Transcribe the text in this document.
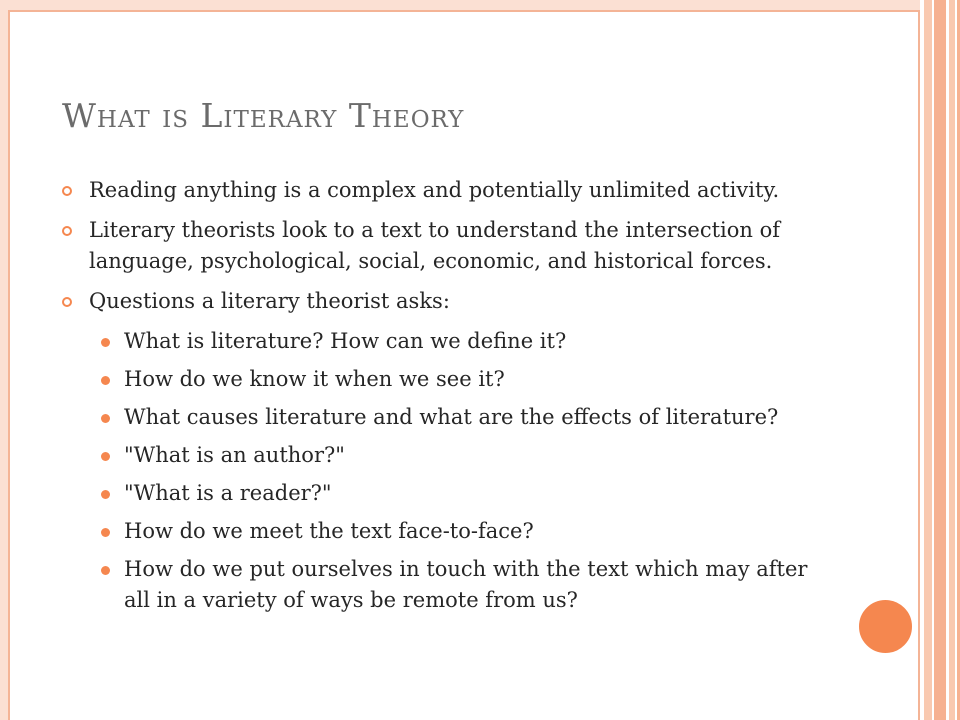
What is Literary Theory
Reading anything is a complex and potentially unlimited activity.
Literary theorists look to a text to understand the intersection of language, psychological, social, economic, and historical forces.
Questions a literary theorist asks:
What is literature? How can we define it?
How do we know it when we see it?
What causes literature and what are the effects of literature?
"What is an author?"
"What is a reader?"
How do we meet the text face-to-face?
How do we put ourselves in touch with the text which may after all in a variety of ways be remote from us?
